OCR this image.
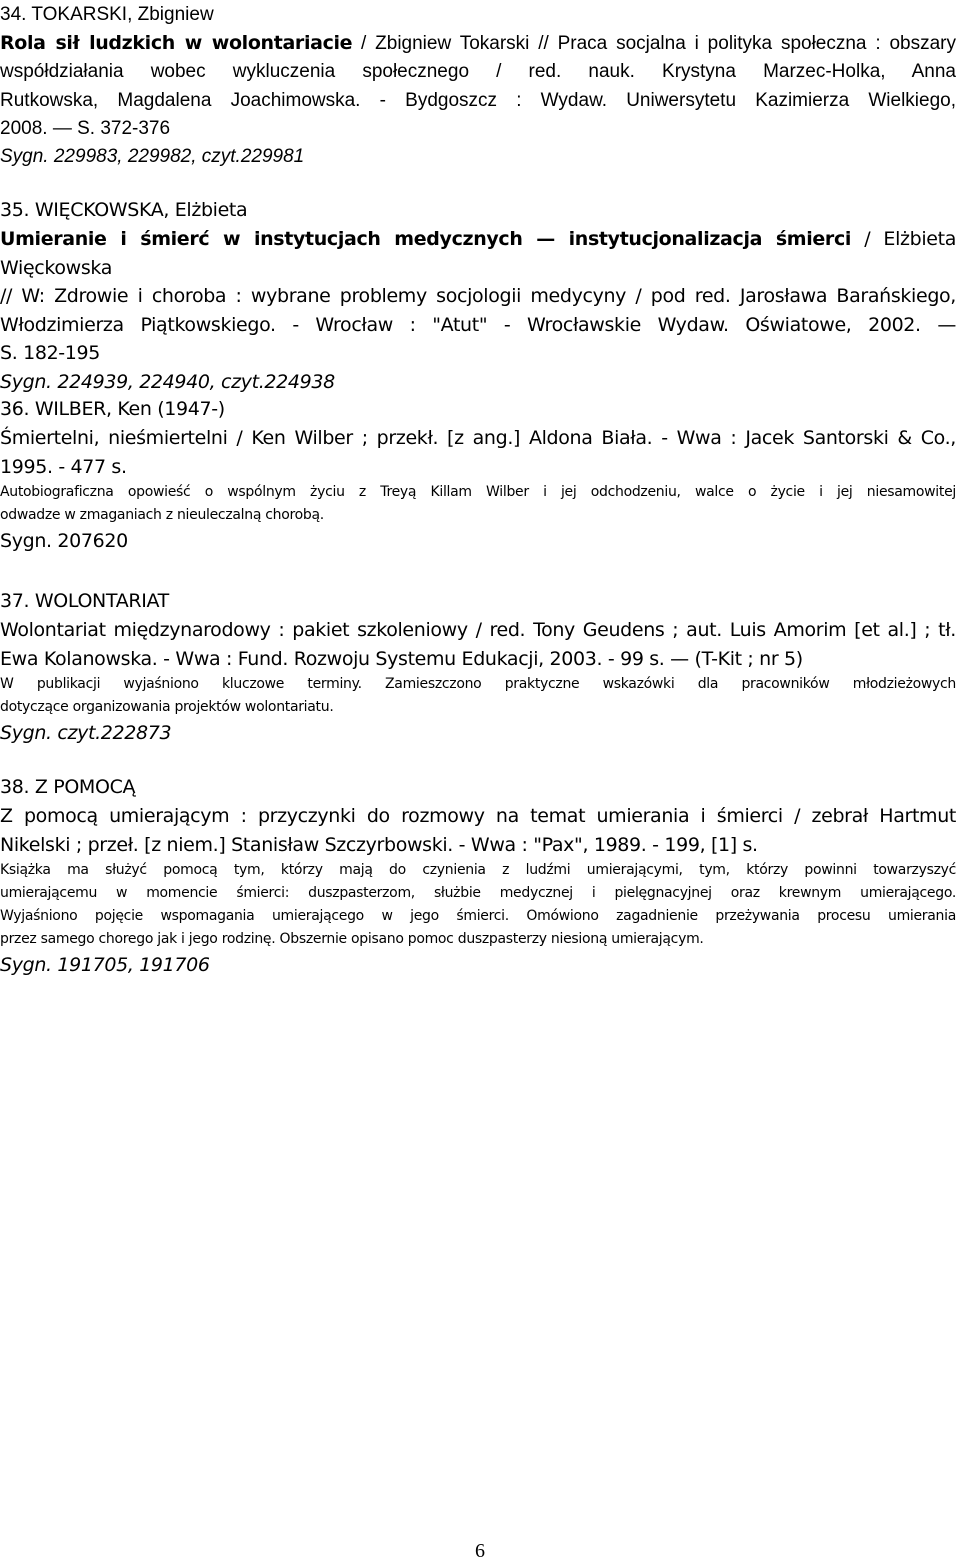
34. TOKARSKI, Zbigniew
Rola sił ludzkich w wolontariacie / Zbigniew Tokarski // Praca socjalna i polityka społeczna : obszary
współdziałania wobec wykluczenia społecznego / red. nauk. Krystyna Marzec-Holka, Anna
Rutkowska, Magdalena Joachimowska. - Bydgoszcz : Wydaw. Uniwersytetu Kazimierza Wielkiego,
2008. — S. 372-376
Sygn. 229983, 229982, czyt.229981
35. WIĘCKOWSKA, Elżbieta
Umieranie i śmierć w instytucjach medycznych — instytucjonalizacja śmierci / Elżbieta Więckowska
// W: Zdrowie i choroba : wybrane problemy socjologii medycyny / pod red. Jarosława Barańskiego,
Włodzimierza Piątkowskiego. - Wrocław : "Atut" - Wrocławskie Wydaw. Oświatowe, 2002. —
S. 182-195
Sygn. 224939, 224940, czyt.224938
36. WILBER, Ken (1947-)
Śmiertelni, nieśmiertelni / Ken Wilber ; przekł. [z ang.] Aldona Biała. - Wwa : Jacek Santorski & Co.,
1995. - 477 s.
Autobiograficzna opowieść o wspólnym życiu z Treyą Killam Wilber i jej odchodzeniu, walce o życie i jej niesamowitej
odwadze w zmaganiach z nieuleczalną chorobą.
Sygn. 207620
37. WOLONTARIAT
Wolontariat międzynarodowy : pakiet szkoleniowy / red. Tony Geudens ; aut. Luis Amorim [et al.] ; tł.
Ewa Kolanowska. - Wwa : Fund. Rozwoju Systemu Edukacji, 2003. - 99 s. — (T-Kit ; nr 5)
W publikacji wyjaśniono kluczowe terminy. Zamieszczono praktyczne wskazówki dla pracowników młodzieżowych
dotyczące organizowania projektów wolontariatu.
Sygn. czyt.222873
38. Z POMOCĄ
Z pomocą umierającym : przyczynki do rozmowy na temat umierania i śmierci / zebrał Hartmut
Nikelski ; przeł. [z niem.] Stanisław Szczyrbowski. - Wwa : "Pax", 1989. - 199, [1] s.
Książka ma służyć pomocą tym, którzy mają do czynienia z ludźmi umierającymi, tym, którzy powinni towarzyszyć
umierającemu w momencie śmierci: duszpasterzom, służbie medycznej i pielęgnacyjnej oraz krewnym umierającego.
Wyjaśniono pojęcie wspomagania umierającego w jego śmierci. Omówiono zagadnienie przeżywania procesu umierania
przez samego chorego jak i jego rodzinę. Obszernie opisano pomoc duszpasterzy niesioną umierającym.
Sygn. 191705, 191706
6
